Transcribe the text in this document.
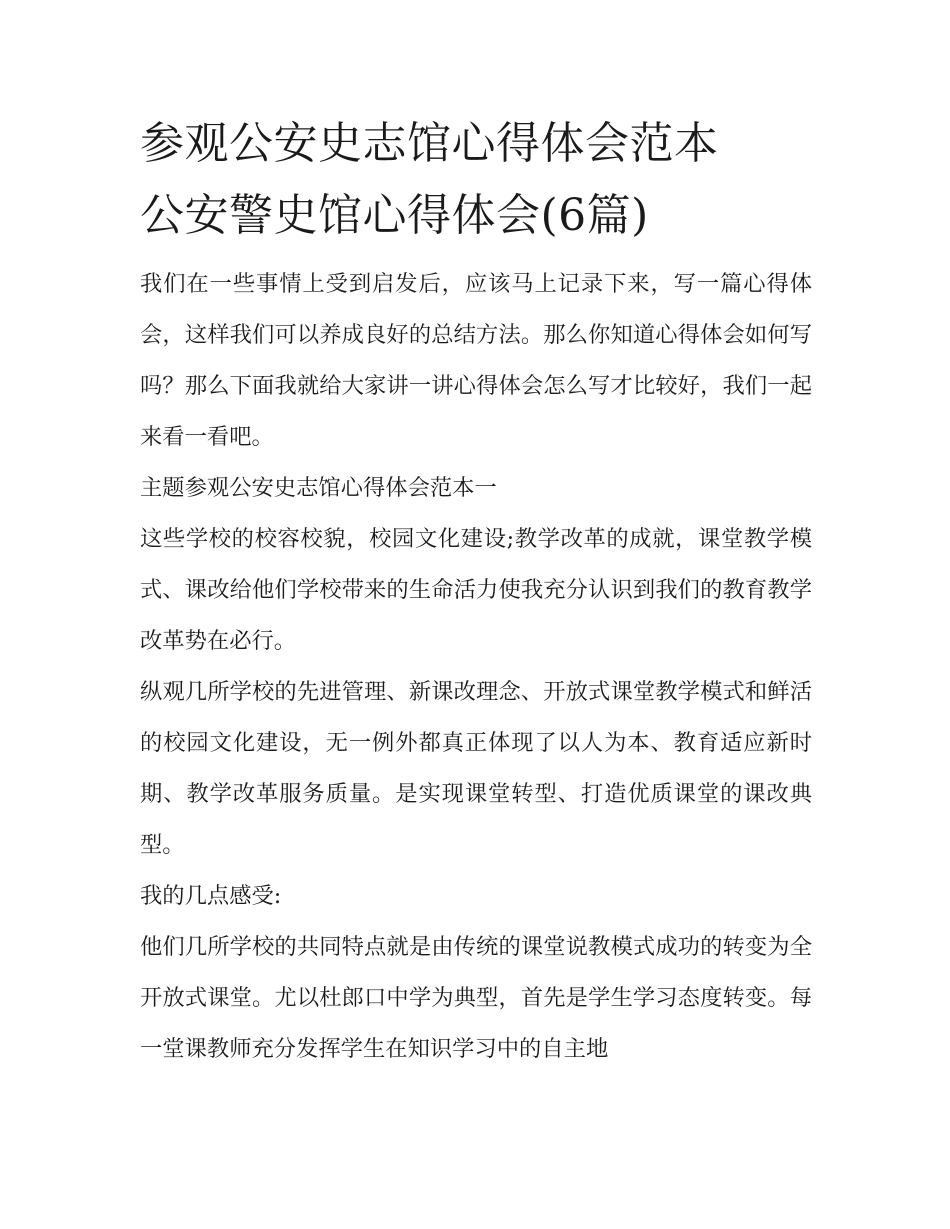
参观公安史志馆心得体会范本
公安警史馆心得体会(6篇)

我们在一些事情上受到启发后，应该马上记录下来，写一篇心得体会，这样我们可以养成良好的总结方法。那么你知道心得体会如何写吗？那么下面我就给大家讲一讲心得体会怎么写才比较好，我们一起来看一看吧。

主题参观公安史志馆心得体会范本一

这些学校的校容校貌，校园文化建设;教学改革的成就，课堂教学模式、课改给他们学校带来的生命活力使我充分认识到我们的教育教学改革势在必行。

纵观几所学校的先进管理、新课改理念、开放式课堂教学模式和鲜活的校园文化建设，无一例外都真正体现了以人为本、教育适应新时期、教学改革服务质量。是实现课堂转型、打造优质课堂的课改典型。

我的几点感受:

他们几所学校的共同特点就是由传统的课堂说教模式成功的转变为全开放式课堂。尤以杜郎口中学为典型，首先是学生学习态度转变。每一堂课教师充分发挥学生在知识学习中的自主地
